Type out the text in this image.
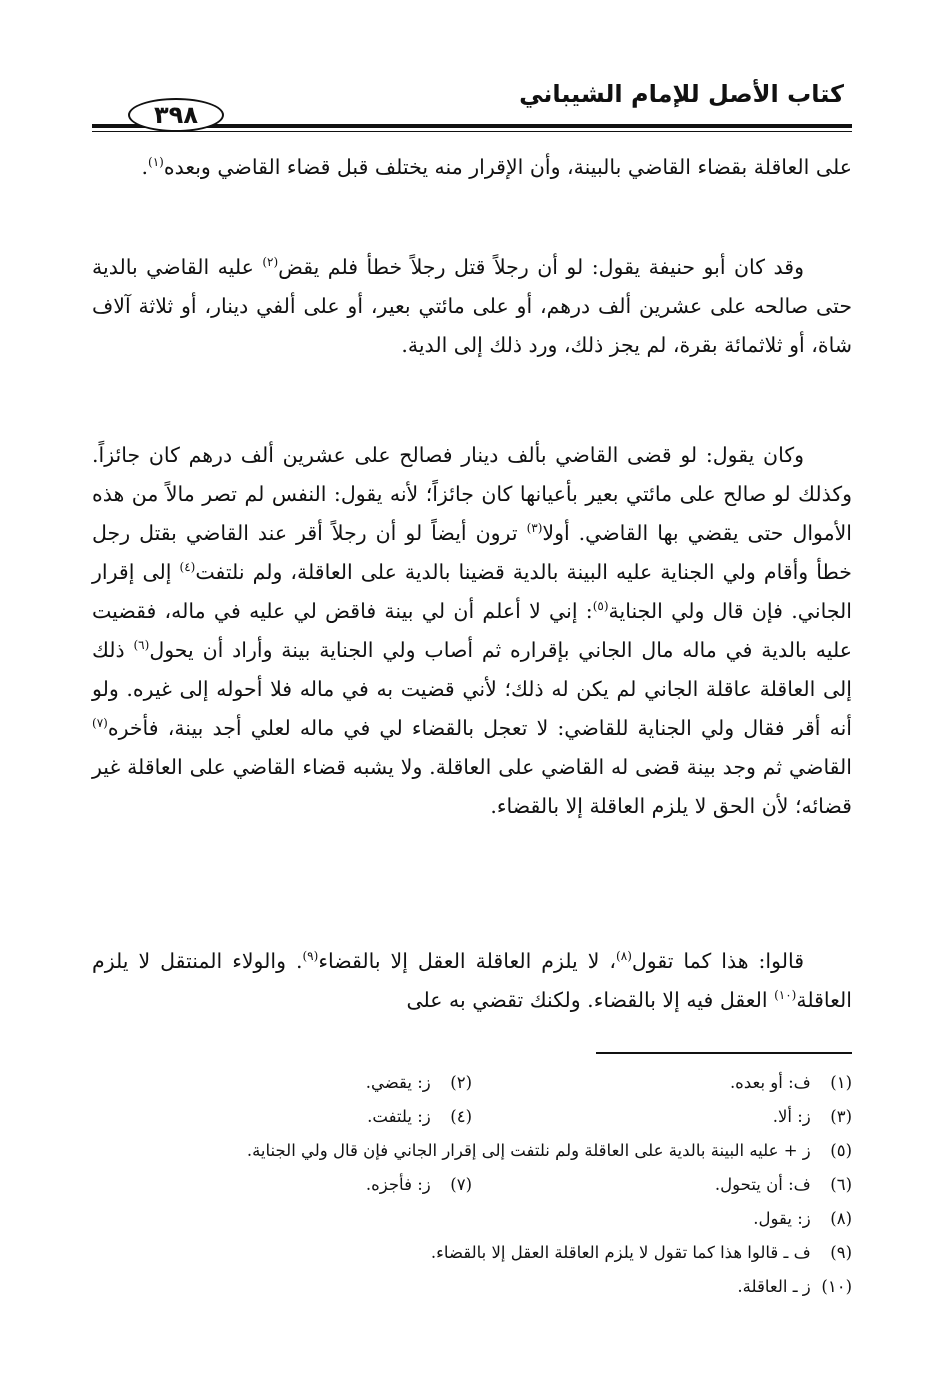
كتاب الأصل للإمام الشيباني
٣٩٨

على العاقلة بقضاء القاضي بالبينة، وأن الإقرار منه يختلف قبل قضاء القاضي وبعده$^{(١)}$.

وقد كان أبو حنيفة يقول: لو أن رجلاً قتل رجلاً خطأ فلم يقض$^{(٢)}$ عليه القاضي بالدية حتى صالحه على عشرين ألف درهم، أو على مائتي بعير، أو على ألفي دينار، أو ثلاثة آلاف شاة، أو ثلاثمائة بقرة، لم يجز ذلك، ورد ذلك إلى الدية.

وكان يقول: لو قضى القاضي بألف دينار فصالح على عشرين ألف درهم كان جائزاً. وكذلك لو صالح على مائتي بعير بأعيانها كان جائزاً؛ لأنه يقول: النفس لم تصر مالاً من هذه الأموال حتى يقضي بها القاضي. أولا$^{(٣)}$ ترون أيضاً لو أن رجلاً أقر عند القاضي بقتل رجل خطأ وأقام ولي الجناية عليه البينة بالدية قضينا بالدية على العاقلة، ولم نلتفت$^{(٤)}$ إلى إقرار الجاني. فإن قال ولي الجناية$^{(٥)}$: إني لا أعلم أن لي بينة فاقض لي عليه في ماله، فقضيت عليه بالدية في ماله مال الجاني بإقراره ثم أصاب ولي الجناية بينة وأراد أن يحول$^{(٦)}$ ذلك إلى العاقلة عاقلة الجاني لم يكن له ذلك؛ لأني قضيت به في ماله فلا أحوله إلى غيره. ولو أنه أقر فقال ولي الجناية للقاضي: لا تعجل بالقضاء لي في ماله لعلي أجد بينة، فأخره$^{(٧)}$ القاضي ثم وجد بينة قضى له القاضي على العاقلة. ولا يشبه قضاء القاضي على العاقلة غير قضائه؛ لأن الحق لا يلزم العاقلة إلا بالقضاء.

قالوا: هذا كما تقول$^{(٨)}$، لا يلزم العاقلة العقل إلا بالقضاء$^{(٩)}$. والولاء المنتقل لا يلزم العاقلة$^{(١٠)}$ العقل فيه إلا بالقضاء. ولكنك تقضي به على

(١) ف: أو بعده.
(٢) ز: يقضي.
(٣) ز: ألا.
(٤) ز: يلتفت.
(٥) ز + عليه البينة بالدية على العاقلة ولم نلتفت إلى إقرار الجاني فإن قال ولي الجناية.
(٦) ف: أن يتحول.
(٧) ز: فأجزه.
(٨) ز: يقول.
(٩) ف ـ قالوا هذا كما تقول لا يلزم العاقلة العقل إلا بالقضاء.
(١٠) ز ـ العاقلة.
